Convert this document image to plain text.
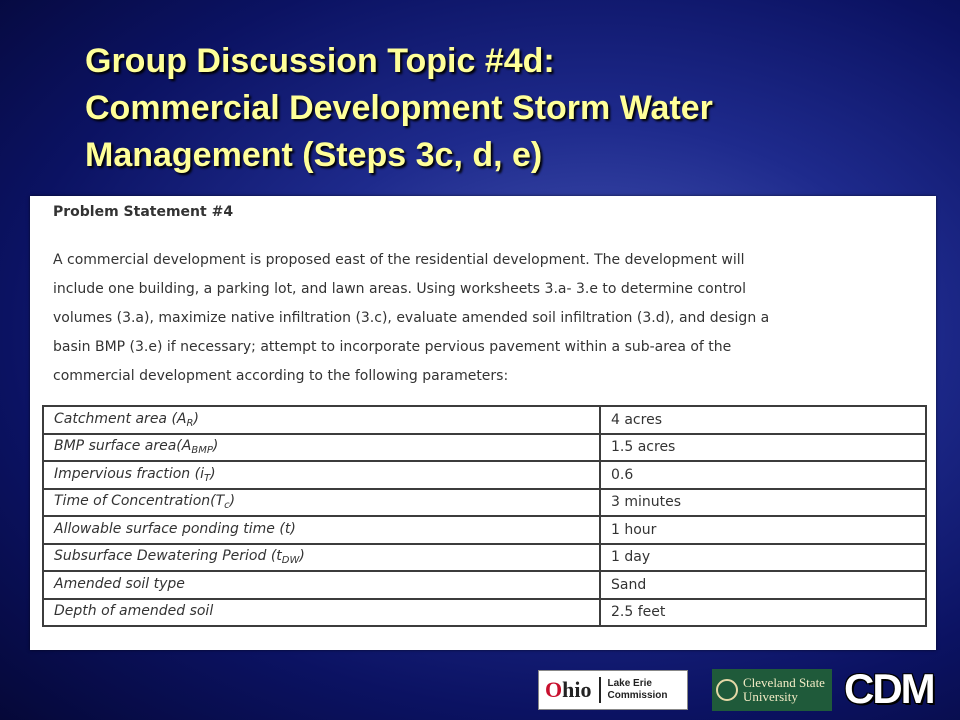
Group Discussion Topic #4d:
Commercial Development Storm Water
Management (Steps 3c, d, e)
Problem Statement #4
A commercial development is proposed east of the residential development. The development will
include one building, a parking lot, and lawn areas. Using worksheets 3.a- 3.e to determine control
volumes (3.a), maximize native infiltration (3.c), evaluate amended soil infiltration (3.d), and design a
basin BMP (3.e) if necessary; attempt to incorporate pervious pavement within a sub-area of the
commercial development according to the following parameters:
Catchment area $(A_R)$	4 acres
BMP surface $area(A_{BMP})$	1.5 acres
Impervious fraction $(i_T)$	0.6
Time of $Concentration(T_c)$	3 minutes
Allowable surface ponding time (t)	1 hour
Subsurface Dewatering Period $(t_{DW})$	1 day
Amended soil type	Sand
Depth of amended soil	2.5 feet
Ohio	Lake Erie
Commission
Cleveland State
University	CDM
